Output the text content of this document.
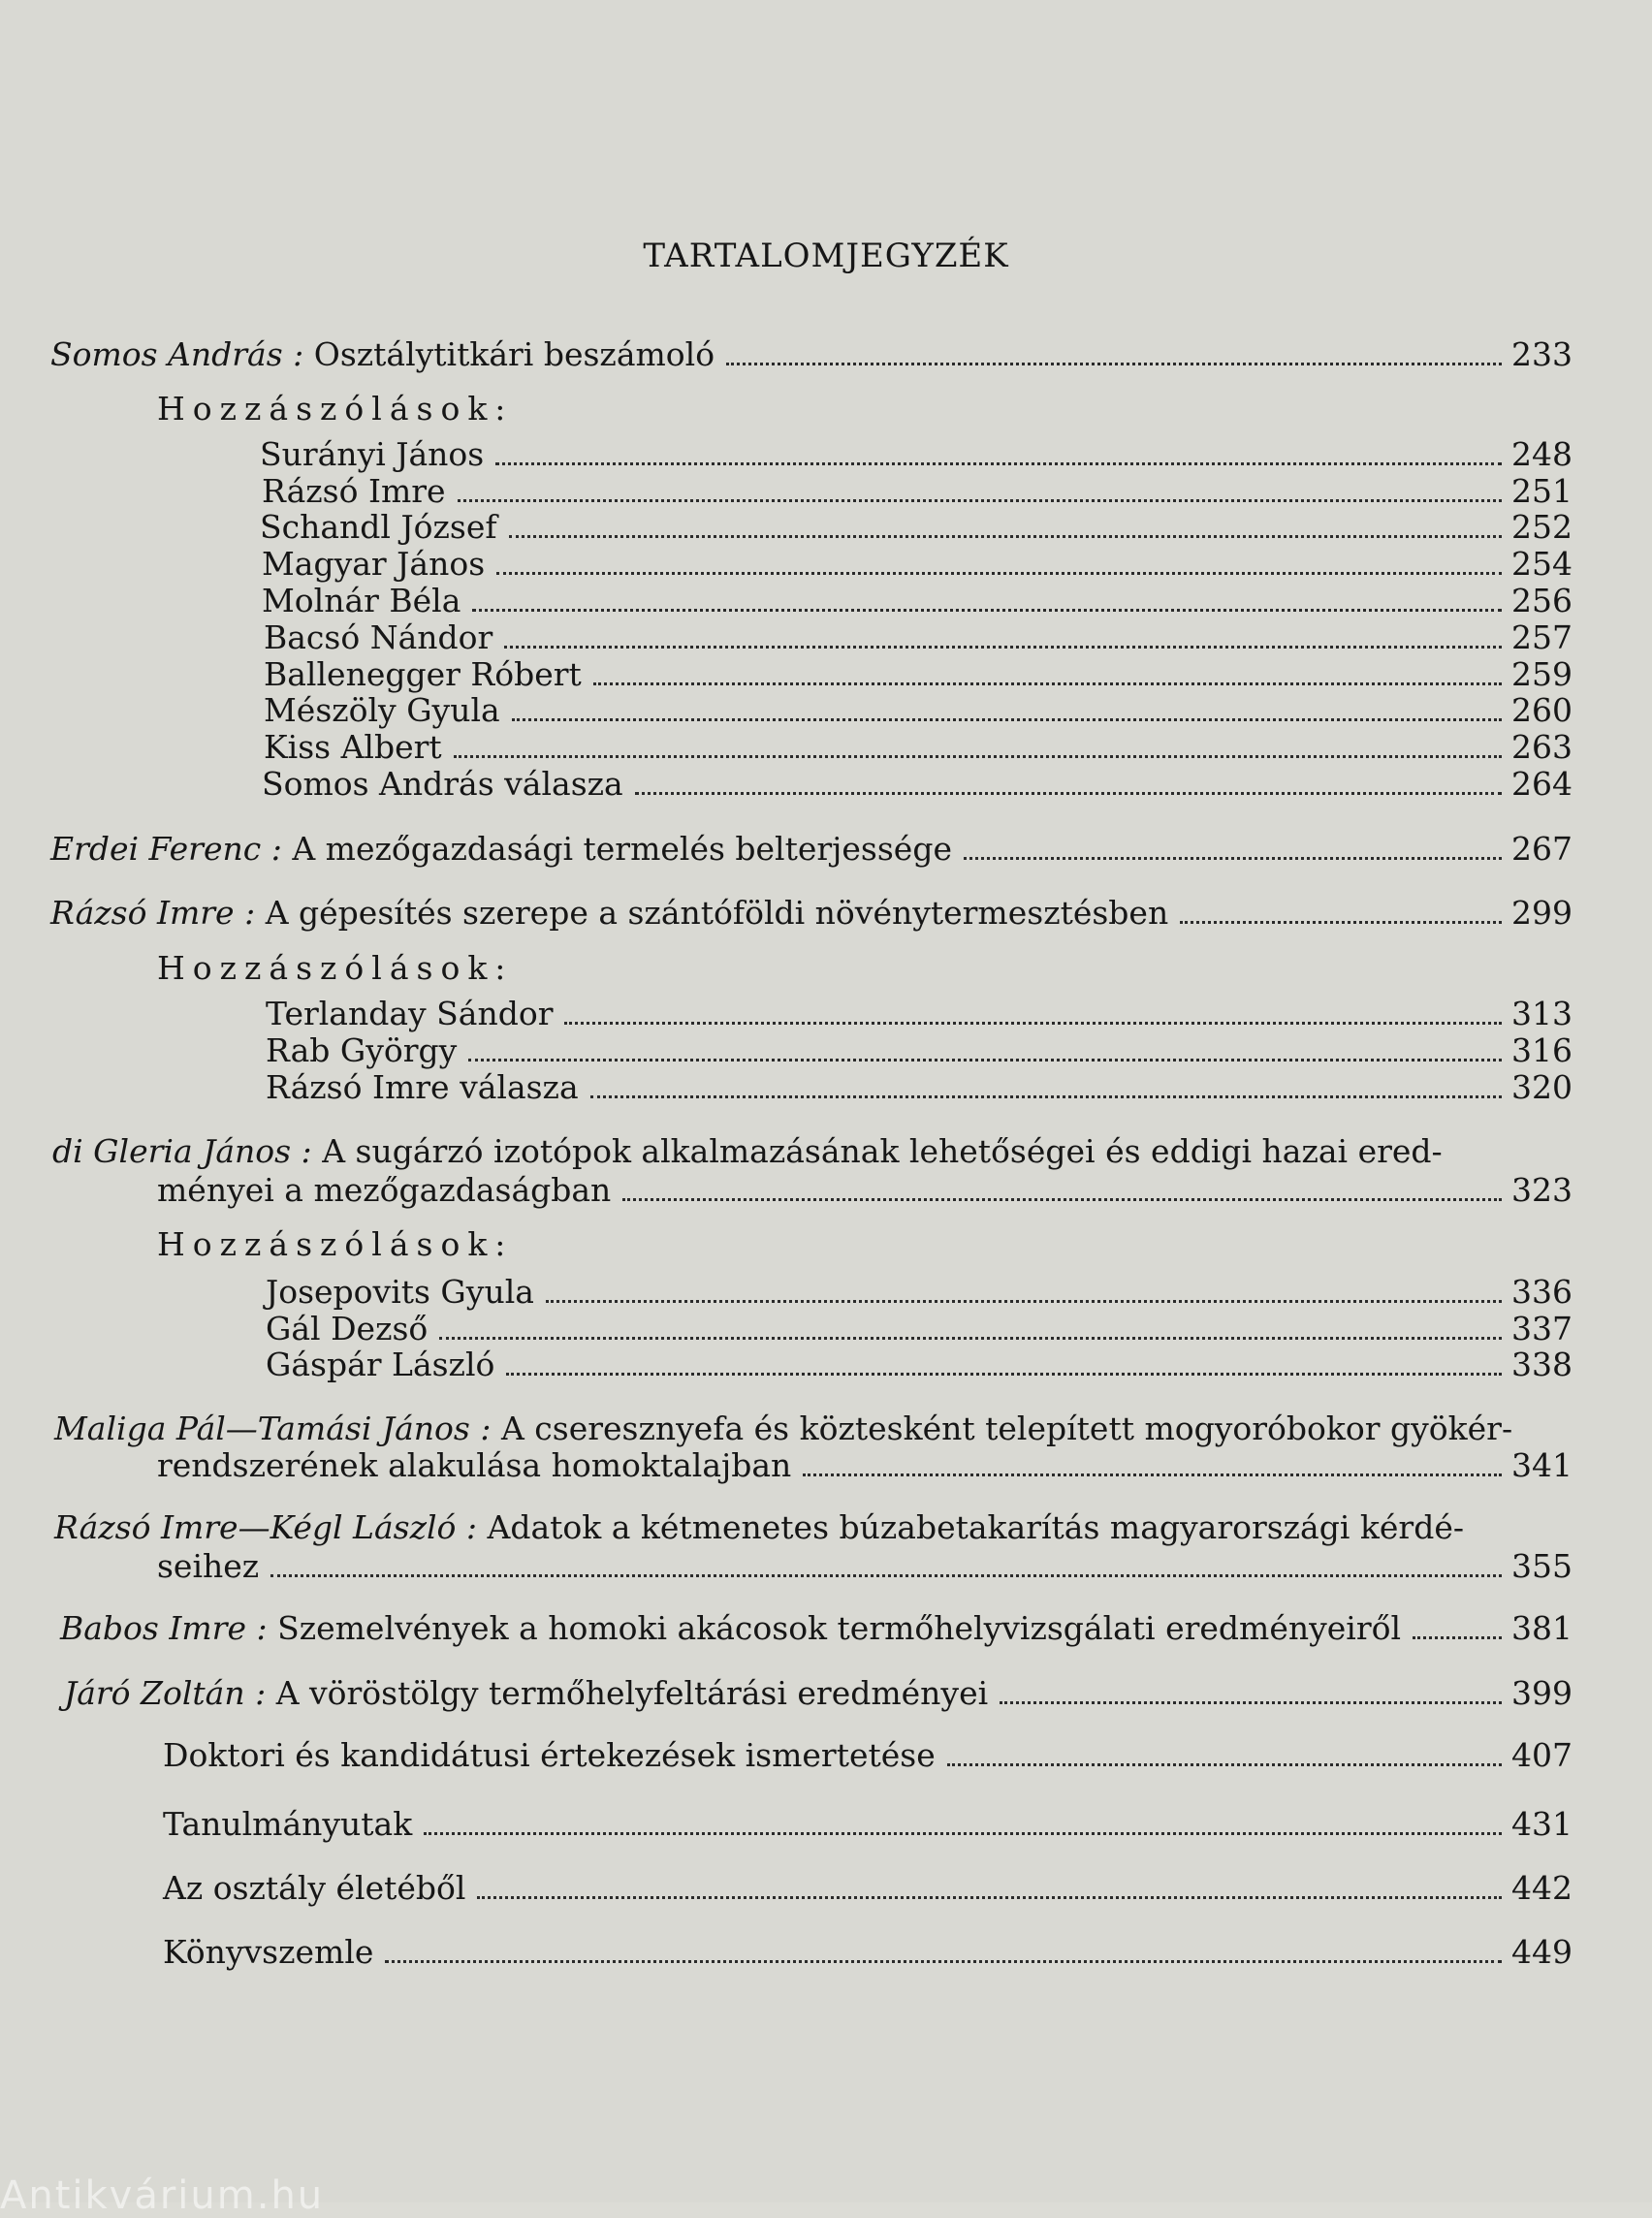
TARTALOMJEGYZÉK
Somos András : Osztálytitkári beszámoló	233
Hozzászólások:
Surányi János	248
Rázsó Imre	251
Schandl József	252
Magyar János	254
Molnár Béla	256
Bacsó Nándor	257
Ballenegger Róbert	259
Mészöly Gyula	260
Kiss Albert	263
Somos András válasza	264
Erdei Ferenc : A mezőgazdasági termelés belterjessége	267
Rázsó Imre : A gépesítés szerepe a szántóföldi növénytermesztésben	299
Hozzászólások:
Terlanday Sándor	313
Rab György	316
Rázsó Imre válasza	320
di Gleria János : A sugárzó izotópok alkalmazásának lehetőségei és eddigi hazai ered-
ményei a mezőgazdaságban	323
Hozzászólások:
Josepovits Gyula	336
Gál Dezső	337
Gáspár László	338
Maliga Pál—Tamási János : A cseresznyefa és köztesként telepített mogyoróbokor gyökér-
rendszerének alakulása homoktalajban	341
Rázsó Imre—Kégl László : Adatok a kétmenetes búzabetakarítás magyarországi kérdé-
seihez	355
Babos Imre : Szemelvények a homoki akácosok termőhelyvizsgálati eredményeiről	381
Járó Zoltán : A vöröstölgy termőhelyfeltárási eredményei	399
Doktori és kandidátusi értekezések ismertetése	407
Tanulmányutak	431
Az osztály életéből	442
Könyvszemle	449
Antikvárium.hu
